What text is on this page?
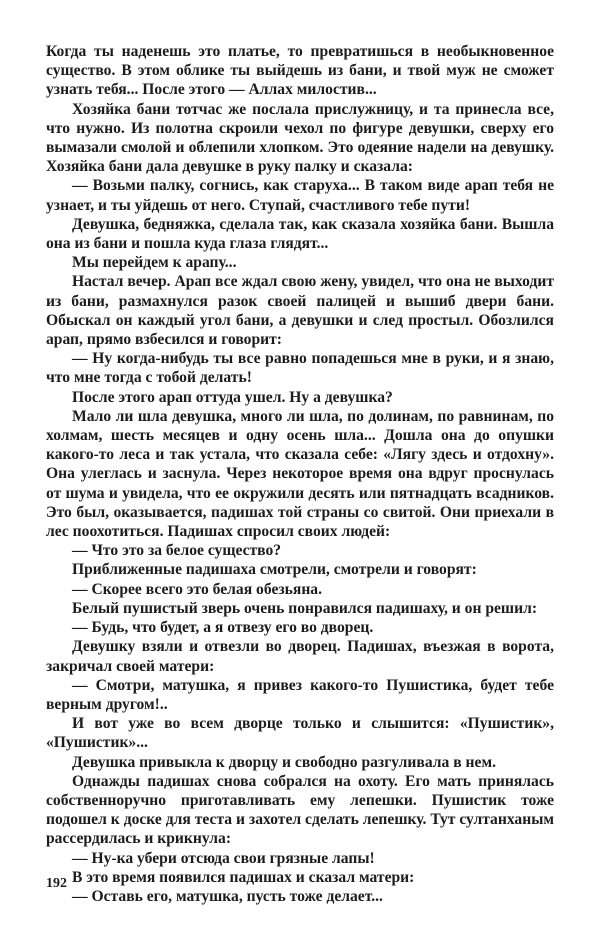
Когда ты наденешь это платье, то превратишься в необыкновенное существо. В этом облике ты выйдешь из бани, и твой муж не сможет узнать тебя... После этого — Аллах милостив...

Хозяйка бани тотчас же послала прислужницу, и та принесла все, что нужно. Из полотна скроили чехол по фигуре девушки, сверху его вымазали смолой и облепили хлопком. Это одеяние надели на девушку. Хозяйка бани дала девушке в руку палку и сказала:

— Возьми палку, согнись, как старуха... В таком виде арап тебя не узнает, и ты уйдешь от него. Ступай, счастливого тебе пути!

Девушка, бедняжка, сделала так, как сказала хозяйка бани. Вышла она из бани и пошла куда глаза глядят...

Мы перейдем к арапу...

Настал вечер. Арап все ждал свою жену, увидел, что она не выходит из бани, размахнулся разок своей палицей и вышиб двери бани. Обыскал он каждый угол бани, а девушки и след простыл. Обозлился арап, прямо взбесился и говорит:

— Ну когда-нибудь ты все равно попадешься мне в руки, и я знаю, что мне тогда с тобой делать!

После этого арап оттуда ушел. Ну а девушка?

Мало ли шла девушка, много ли шла, по долинам, по равнинам, по холмам, шесть месяцев и одну осень шла... Дошла она до опушки какого-то леса и так устала, что сказала себе: «Лягу здесь и отдохну». Она улеглась и заснула. Через некоторое время она вдруг проснулась от шума и увидела, что ее окружили десять или пятнадцать всадников. Это был, оказывается, падишах той страны со свитой. Они приехали в лес поохотиться. Падишах спросил своих людей:

— Что это за белое существо?

Приближенные падишаха смотрели, смотрели и говорят:

— Скорее всего это белая обезьяна.

Белый пушистый зверь очень понравился падишаху, и он решил:

— Будь, что будет, а я отвезу его во дворец.

Девушку взяли и отвезли во дворец. Падишах, въезжая в ворота, закричал своей матери:

— Смотри, матушка, я привез какого-то Пушистика, будет тебе верным другом!..

И вот уже во всем дворце только и слышится: «Пушистик», «Пушистик»...

Девушка привыкла к дворцу и свободно разгуливала в нем.

Однажды падишах снова собрался на охоту. Его мать принялась собственноручно приготавливать ему лепешки. Пушистик тоже подошел к доске для теста и захотел сделать лепешку. Тут султанханым рассердилась и крикнула:

— Ну-ка убери отсюда свои грязные лапы!

В это время появился падишах и сказал матери:

— Оставь его, матушка, пусть тоже делает...

192
